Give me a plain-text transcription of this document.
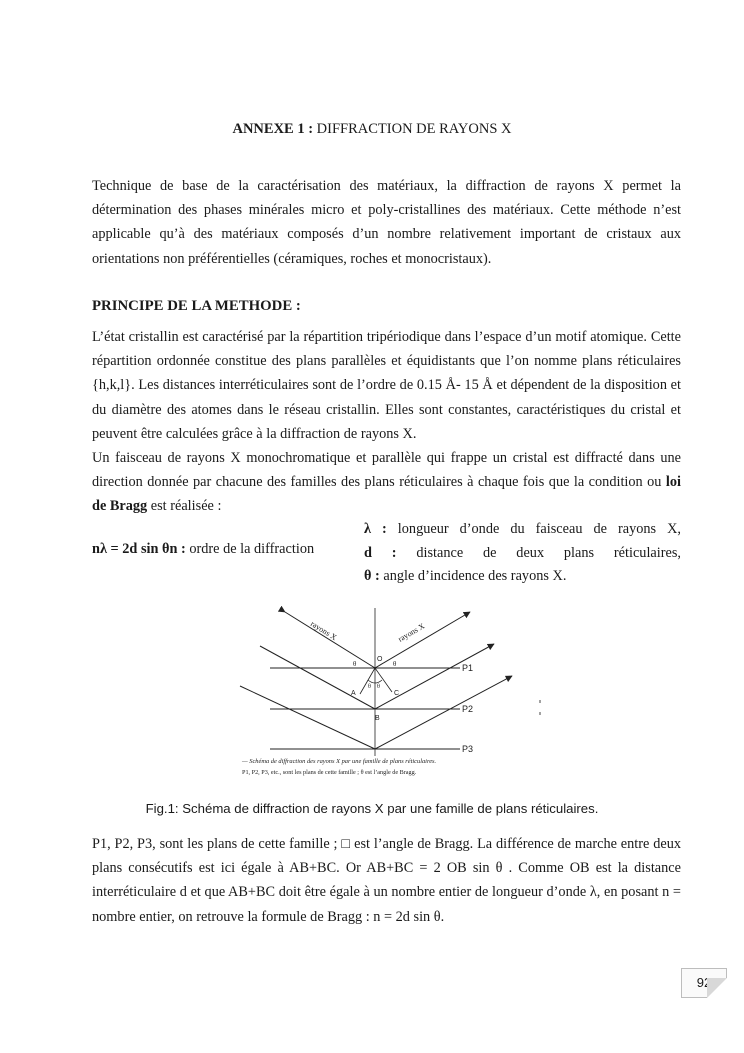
ANNEXE 1 : DIFFRACTION DE RAYONS X
Technique de base de la caractérisation des matériaux, la diffraction de rayons X permet la détermination des phases minérales micro et poly-cristallines des matériaux. Cette méthode n’est applicable qu’à des matériaux composés d’un nombre relativement important de cristaux aux orientations non préférentielles (céramiques, roches et monocristaux).
PRINCIPE DE LA METHODE :
L’état cristallin est caractérisé par la répartition tripériodique dans l’espace d’un motif atomique. Cette répartition ordonnée constitue des plans parallèles et équidistants que l’on nomme plans réticulaires {h,k,l}. Les distances interréticulaires sont de l’ordre de 0.15 Å- 15 Å et dépendent de la disposition et du diamètre des atomes dans le réseau cristallin. Elles sont constantes, caractéristiques du cristal et peuvent être calculées grâce à la diffraction de rayons X.
Un faisceau de rayons X monochromatique et parallèle qui frappe un cristal est diffracté dans une direction donnée par chacune des familles des plans réticulaires à chaque fois que la condition ou loi de Bragg est réalisée :
nλ = 2d sin θn : ordre de la diffraction
λ : longueur d’onde du faisceau de rayons X,
d : distance de deux plans réticulaires,
θ : angle d’incidence des rayons X.
rayons X	rayons X
P1
P2
P3
O
A
B
C
θ	θ
θ θ
— Schéma de diffraction des rayons X par une famille de plans réticulaires.
P1, P2, P3, etc., sont les plans de cette famille ; θ est l’angle de Bragg.
Fig.1: Schéma de diffraction de rayons X par une famille de plans réticulaires.
P1, P2, P3, sont les plans de cette famille ; □ est l’angle de Bragg. La différence de marche entre deux plans consécutifs est ici égale à AB+BC. Or AB+BC = 2 OB sin θ . Comme OB est la distance interréticulaire d et que AB+BC doit être égale à un nombre entier de longueur d’onde λ, en posant n = nombre entier, on retrouve la formule de Bragg : n = 2d sin θ.
92
